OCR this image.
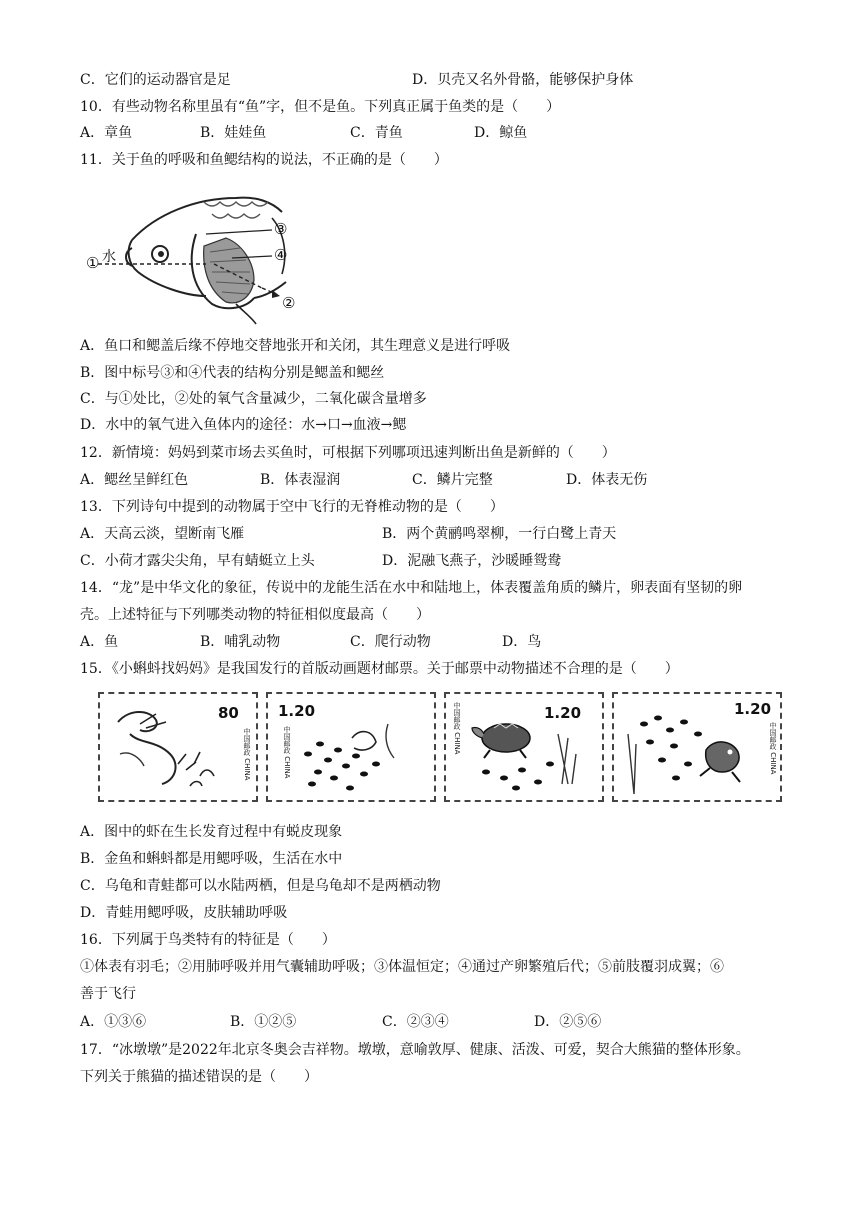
C．它们的运动器官是足	D．贝壳又名外骨骼，能够保护身体
10．有些动物名称里虽有“鱼”字，但不是鱼。下列真正属于鱼类的是（　　）
A．章鱼	B．娃娃鱼	C．青鱼	D．鲸鱼
11．关于鱼的呼吸和鱼鳃结构的说法，不正确的是（　　）
① 水
③
④
②
A．鱼口和鳃盖后缘不停地交替地张开和关闭，其生理意义是进行呼吸
B．图中标号③和④代表的结构分别是鳃盖和鳃丝
C．与①处比，②处的氧气含量减少，二氧化碳含量增多
D．水中的氧气进入鱼体内的途径：水→口→血液→鳃
12．新情境：妈妈到菜市场去买鱼时，可根据下列哪项迅速判断出鱼是新鲜的（　　）
A．鳃丝呈鲜红色	B．体表湿润	C．鳞片完整	D．体表无伤
13．下列诗句中提到的动物属于空中飞行的无脊椎动物的是（　　）
A．天高云淡，望断南飞雁	B．两个黄鹂鸣翠柳，一行白鹭上青天
C．小荷才露尖尖角，早有蜻蜓立上头	D．泥融飞燕子，沙暖睡鸳鸯
14．“龙”是中华文化的象征，传说中的龙能生活在水中和陆地上，体表覆盖角质的鳞片，卵表面有坚韧的卵
壳。上述特征与下列哪类动物的特征相似度最高（　　）
A．鱼	B．哺乳动物	C．爬行动物	D．鸟
15．《小蝌蚪找妈妈》是我国发行的首版动画题材邮票。关于邮票中动物描述不合理的是（　　）
80
中国邮政 CHINA
1.20
中国邮政 CHINA
1.20
中国邮政 CHINA	1.20
中国邮政 CHINA
A．图中的虾在生长发育过程中有蜕皮现象
B．金鱼和蝌蚪都是用鳃呼吸，生活在水中
C．乌龟和青蛙都可以水陆两栖，但是乌龟却不是两栖动物
D．青蛙用鳃呼吸，皮肤辅助呼吸
16．下列属于鸟类特有的特征是（　　）
①体表有羽毛；②用肺呼吸并用气囊辅助呼吸；③体温恒定；④通过产卵繁殖后代；⑤前肢覆羽成翼；⑥
善于飞行
A．①③⑥	B．①②⑤	C．②③④	D．②⑤⑥
17．“冰墩墩”是2022年北京冬奥会吉祥物。墩墩，意喻敦厚、健康、活泼、可爱，契合大熊猫的整体形象。
下列关于熊猫的描述错误的是（　　）
